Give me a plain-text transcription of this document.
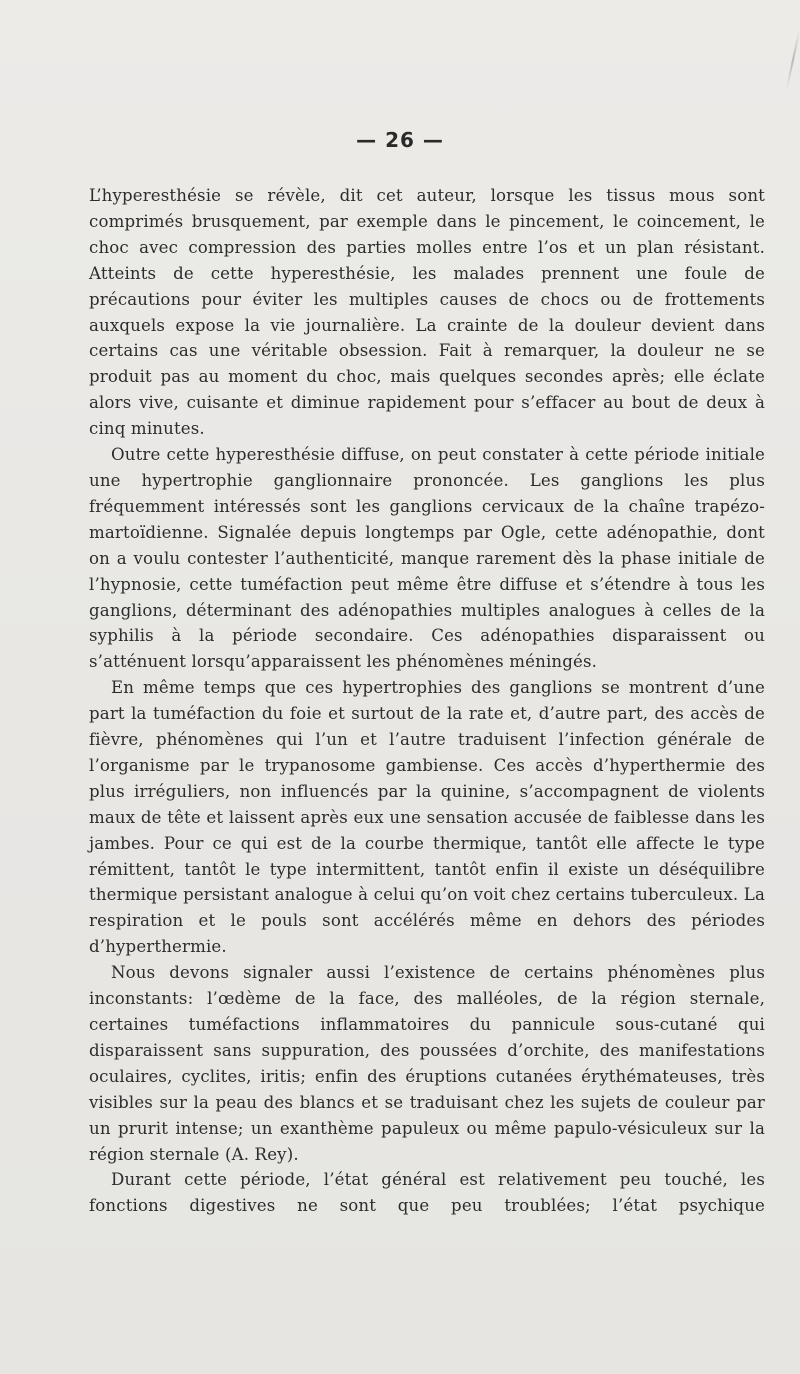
— 26 —

L’hyperesthésie se révèle, dit cet auteur, lorsque les tissus mous sont comprimés brusquement, par exemple dans le pincement, le coincement, le choc avec compression des parties molles entre l’os et un plan résistant. Atteints de cette hyperesthésie, les malades prennent une foule de précautions pour éviter les multiples causes de chocs ou de frottements auxquels expose la vie journalière. La crainte de la douleur devient dans certains cas une véritable obsession. Fait à remarquer, la douleur ne se produit pas au moment du choc, mais quelques secondes après; elle éclate alors vive, cuisante et diminue rapidement pour s’effacer au bout de deux à cinq minutes.

Outre cette hyperesthésie diffuse, on peut constater à cette période initiale une hypertrophie ganglionnaire prononcée. Les ganglions les plus fréquemment intéressés sont les ganglions cervicaux de la chaîne trapézo-martoïdienne. Signalée depuis longtemps par Ogle, cette adénopathie, dont on a voulu contester l’authenticité, manque rarement dès la phase initiale de l’hypnosie, cette tuméfaction peut même être diffuse et s’étendre à tous les ganglions, déterminant des adénopathies multiples analogues à celles de la syphilis à la période secondaire. Ces adénopathies disparaissent ou s’atténuent lorsqu’apparaissent les phénomènes méningés.

En même temps que ces hypertrophies des ganglions se montrent d’une part la tuméfaction du foie et surtout de la rate et, d’autre part, des accès de fièvre, phénomènes qui l’un et l’autre traduisent l’infection générale de l’organisme par le trypanosome gambiense. Ces accès d’hyperthermie des plus irréguliers, non influencés par la quinine, s’accompagnent de violents maux de tête et laissent après eux une sensation accusée de faiblesse dans les jambes. Pour ce qui est de la courbe thermique, tantôt elle affecte le type rémittent, tantôt le type intermittent, tantôt enfin il existe un déséquilibre thermique persistant analogue à celui qu’on voit chez certains tuberculeux. La respiration et le pouls sont accélérés même en dehors des périodes d’hyperthermie.

Nous devons signaler aussi l’existence de certains phénomènes plus inconstants: l’œdème de la face, des malléoles, de la région sternale, certaines tuméfactions inflammatoires du pannicule sous-cutané qui disparaissent sans suppuration, des poussées d’orchite, des manifestations oculaires, cyclites, iritis; enfin des éruptions cutanées érythémateuses, très visibles sur la peau des blancs et se traduisant chez les sujets de couleur par un prurit intense; un exanthème papuleux ou même papulo-vésiculeux sur la région sternale (A. Rey).

Durant cette période, l’état général est relativement peu touché, les fonctions digestives ne sont que peu troublées; l’état psychique
